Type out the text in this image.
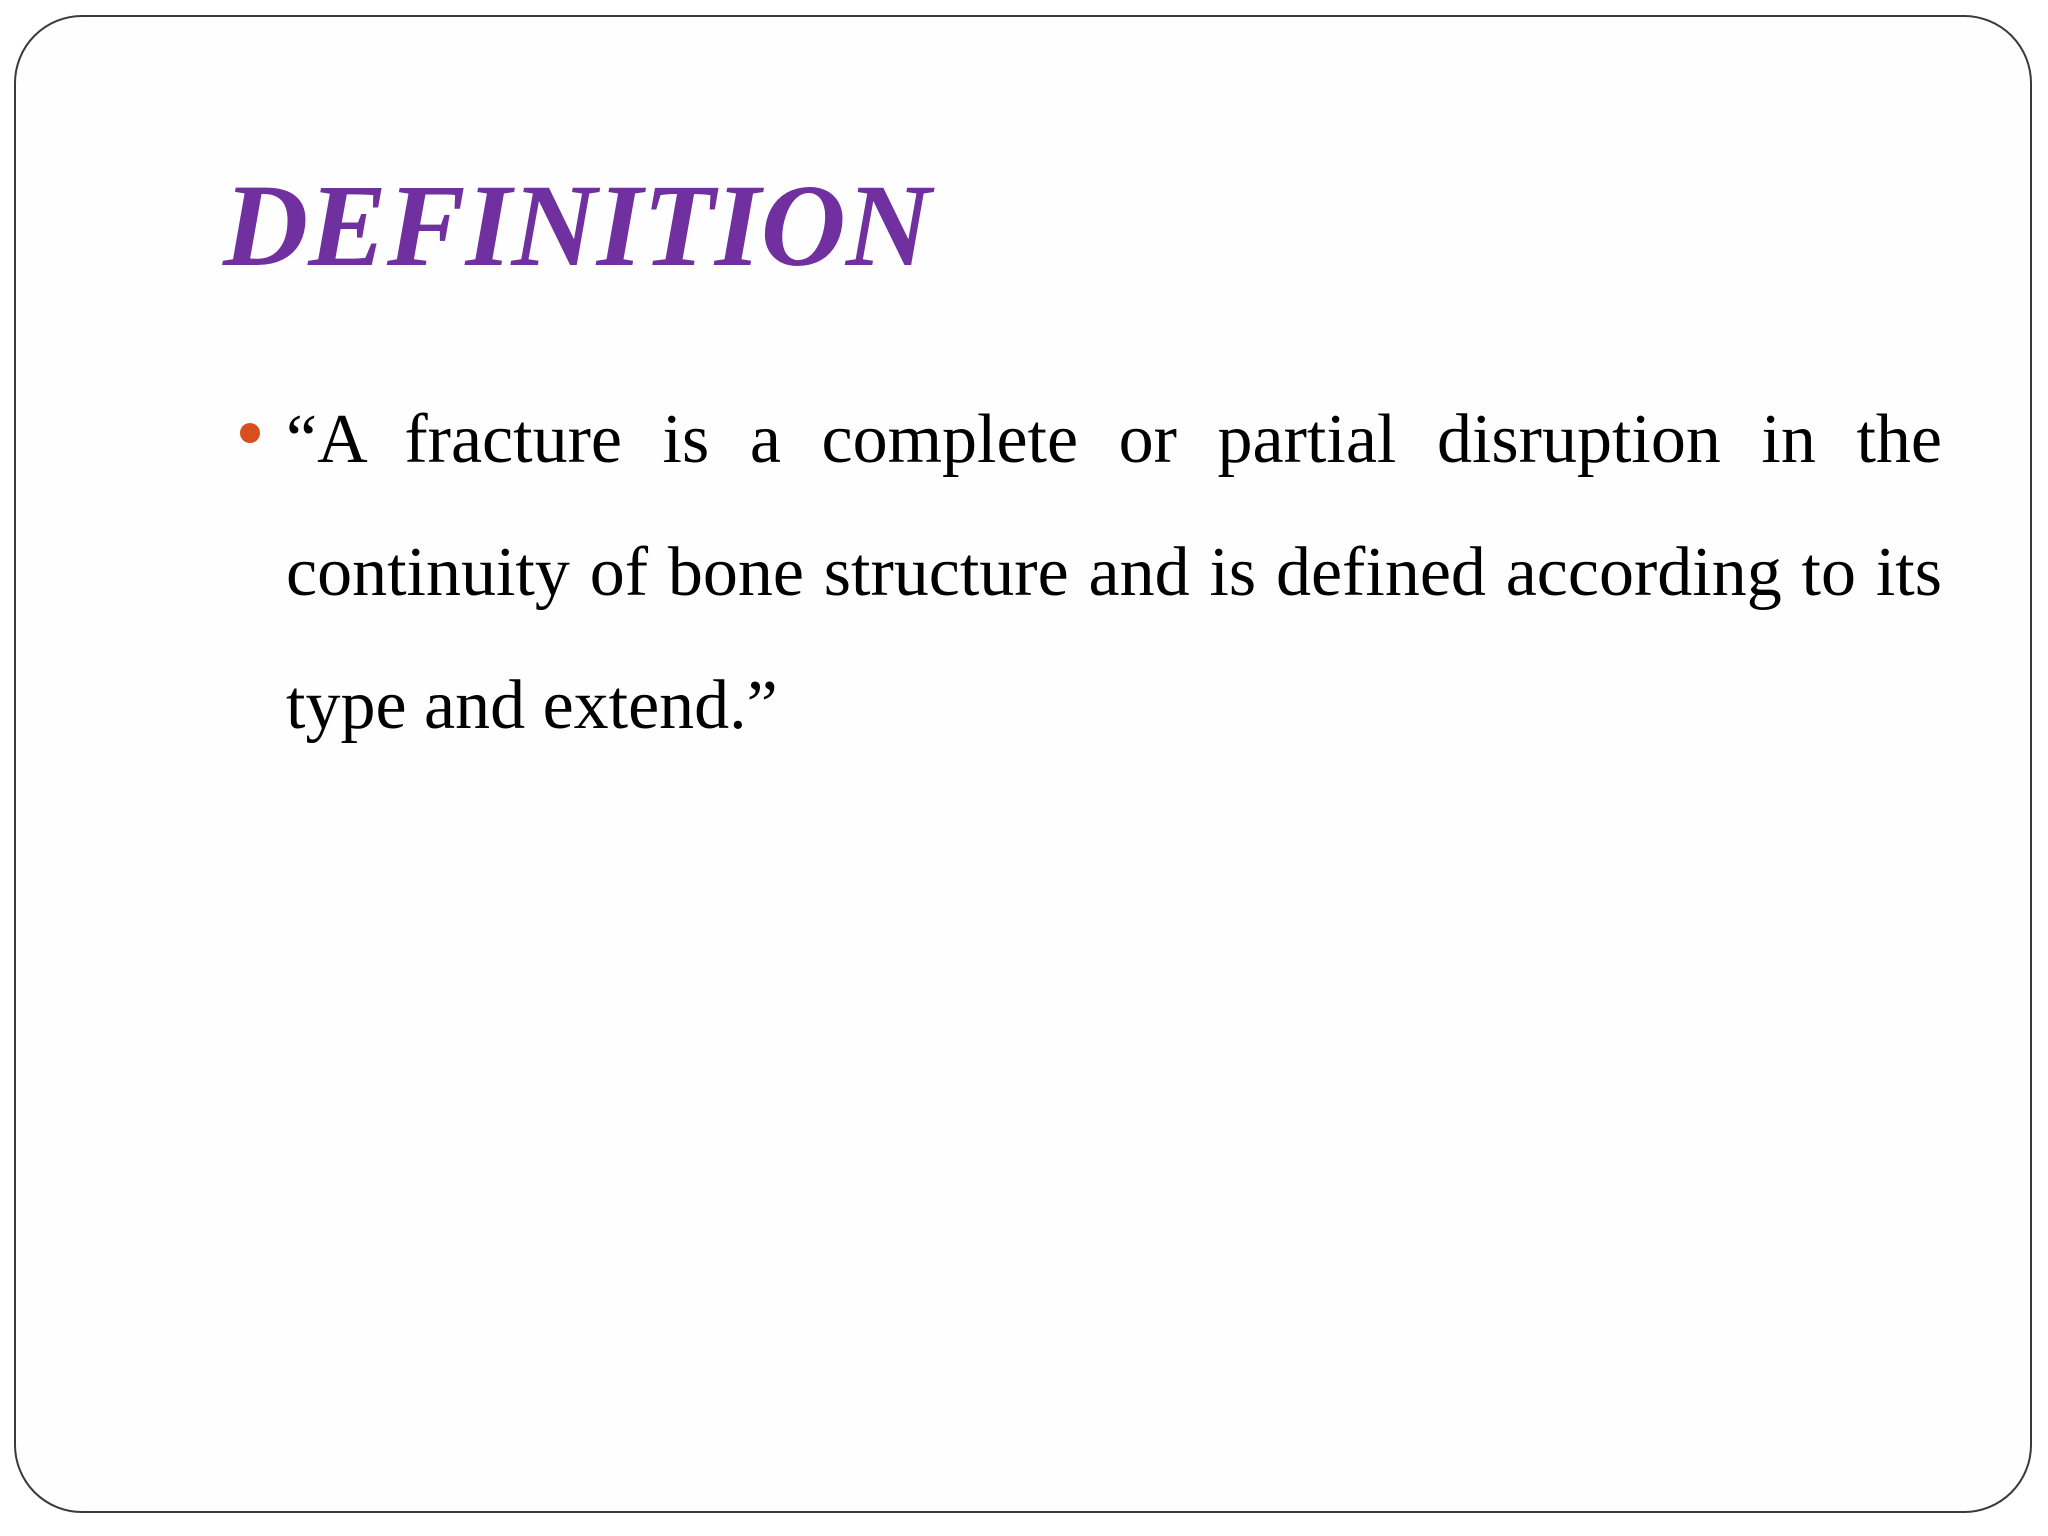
DEFINITION

“A fracture is a complete or partial disruption in the continuity of bone structure and is defined according to its type and extend.”
